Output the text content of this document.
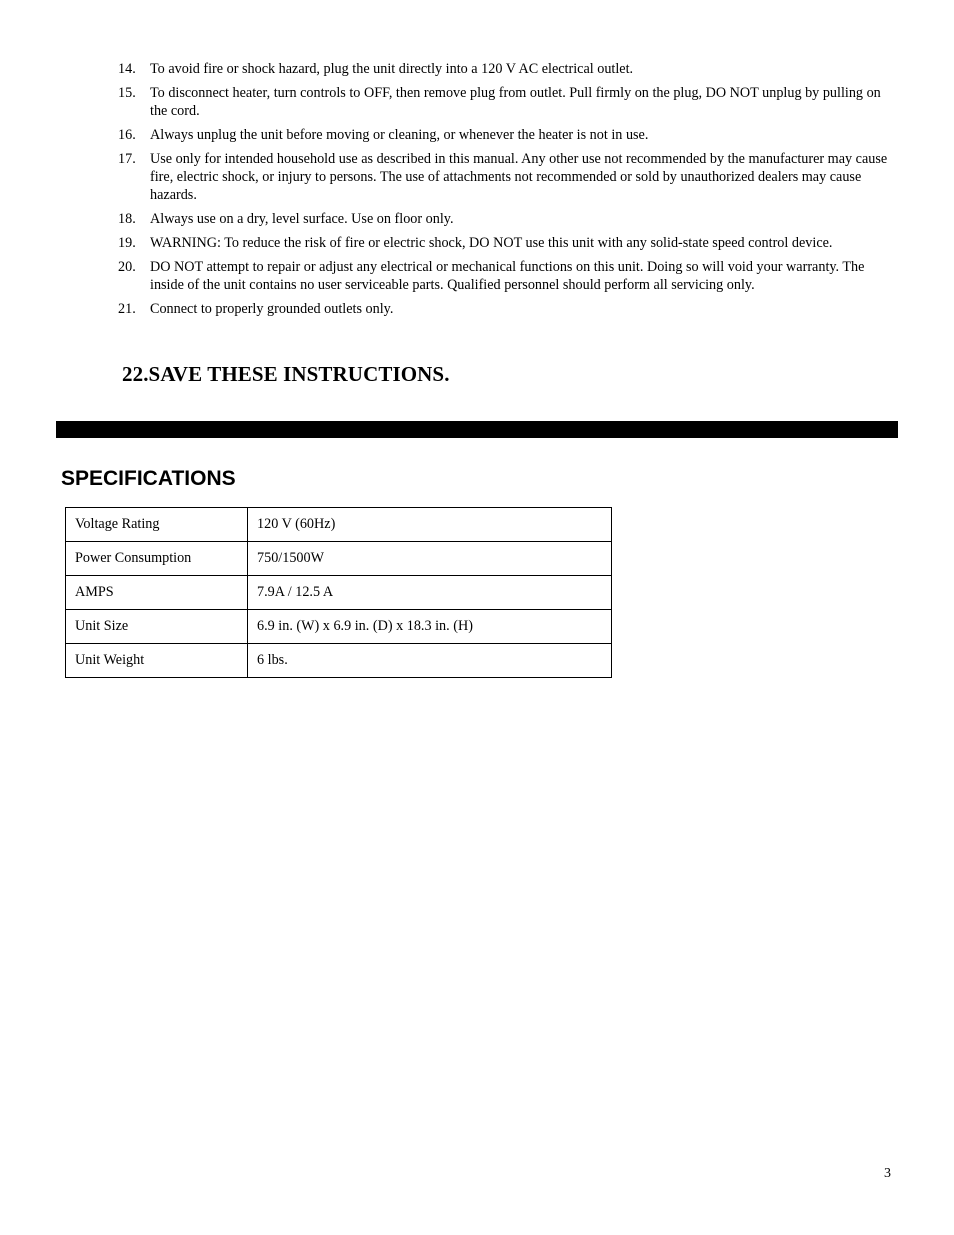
14.	To avoid fire or shock hazard, plug the unit directly into a 120 V AC electrical outlet.
15.	To disconnect heater, turn controls to OFF, then remove plug from outlet. Pull firmly on the plug, DO NOT unplug by pulling on the cord.
16.	Always unplug the unit before moving or cleaning, or whenever the heater is not in use.
17.	Use only for intended household use as described in this manual. Any other use not recommended by the manufacturer may cause fire, electric shock, or injury to persons. The use of attachments not recommended or sold by unauthorized dealers may cause hazards.
18.	Always use on a dry, level surface. Use on floor only.
19.	WARNING: To reduce the risk of fire or electric shock, DO NOT use this unit with any solid-state speed control device.
20.	DO NOT attempt to repair or adjust any electrical or mechanical functions on this unit. Doing so will void your warranty. The inside of the unit contains no user serviceable parts. Qualified personnel should perform all servicing only.
21.	Connect to properly grounded outlets only.
22.SAVE THESE INSTRUCTIONS.
SPECIFICATIONS
Voltage Rating	120 V (60Hz)
Power Consumption	750/1500W
AMPS	7.9A / 12.5 A
Unit Size	6.9 in. (W) x 6.9 in. (D) x 18.3 in. (H)
Unit Weight	6 lbs.
3
